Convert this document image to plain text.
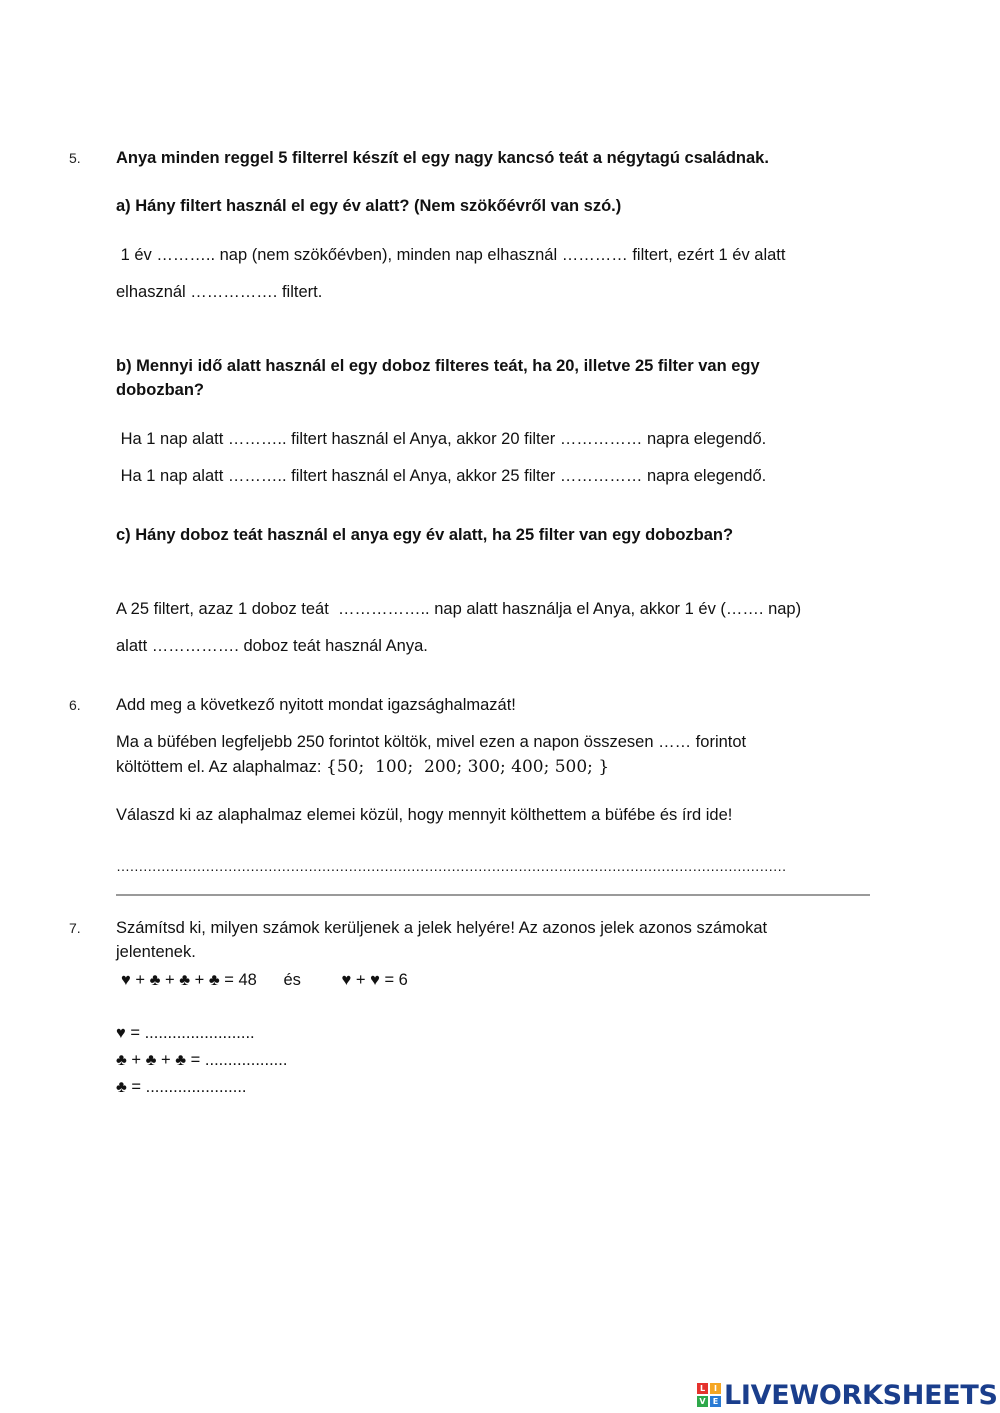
5. Anya minden reggel 5 filterrel készít el egy nagy kancsó teát a négytagú családnak.
a) Hány filtert használ el egy év alatt? (Nem szökőévről van szó.)
1 év ……….. nap (nem szökőévben), minden nap elhasznál ………… filtert, ezért 1 év alatt
elhasznál ……………. filtert.
b) Mennyi idő alatt használ el egy doboz filteres teát, ha 20, illetve 25 filter van egy
dobozban?
Ha 1 nap alatt ……….. filtert használ el Anya, akkor 20 filter …………… napra elegendő.
Ha 1 nap alatt ……….. filtert használ el Anya, akkor 25 filter …………… napra elegendő.
c) Hány doboz teát használ el anya egy év alatt, ha 25 filter van egy dobozban?
A 25 filtert, azaz 1 doboz teát  …………….. nap alatt használja el Anya, akkor 1 év (……. nap)
alatt ……………. doboz teát használ Anya.
6. Add meg a következő nyitott mondat igazsághalmazát!
Ma a büfében legfeljebb 250 forintot költök, mivel ezen a napon összesen …… forintot
költöttem el. Az alaphalmaz: {50;  100;  200; 300; 400; 500; }
Válaszd ki az alaphalmaz elemei közül, hogy mennyit költhettem a büfébe és írd ide!
……………………………………………………………………………………………………………………………………
7. Számítsd ki, milyen számok kerüljenek a jelek helyére! Az azonos jelek azonos számokat
jelentenek.
♥ + ♣ + ♣ + ♣ = 48 és ♥ + ♥ = 6
♥ = ........................
♣ + ♣ + ♣ = ..................
♣ = ......................
L	I
V E LIVEWORKSHEETS
